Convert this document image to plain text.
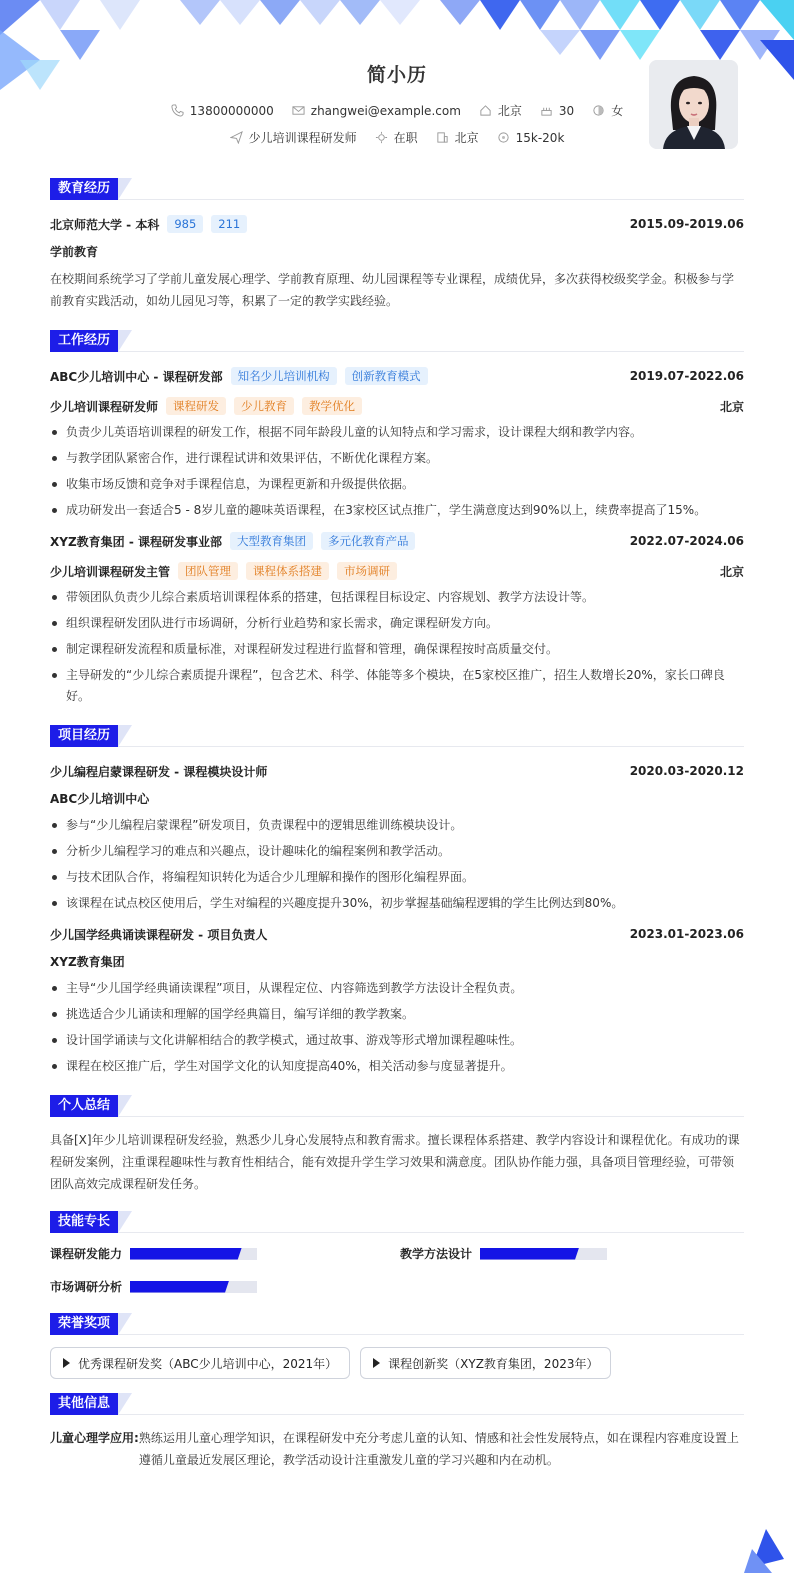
简小历
13800000000	zhangwei@example.com	北京	30	女
少儿培训课程研发师	在职	北京	15k-20k
教育经历
北京师范大学 - 本科	985	211	2015.09-2019.06
学前教育
在校期间系统学习了学前儿童发展心理学、学前教育原理、幼儿园课程等专业课程，成绩优异，多次获得校级奖学金。积极参与学前教育实践活动，如幼儿园见习等，积累了一定的教学实践经验。
工作经历
ABC少儿培训中心 - 课程研发部	知名少儿培训机构	创新教育模式	2019.07-2022.06
少儿培训课程研发师	课程研发	少儿教育	教学优化	北京
负责少儿英语培训课程的研发工作，根据不同年龄段儿童的认知特点和学习需求，设计课程大纲和教学内容。
与教学团队紧密合作，进行课程试讲和效果评估，不断优化课程方案。
收集市场反馈和竞争对手课程信息，为课程更新和升级提供依据。
成功研发出一套适合5 - 8岁儿童的趣味英语课程，在3家校区试点推广，学生满意度达到90%以上，续费率提高了15%。
XYZ教育集团 - 课程研发事业部	大型教育集团	多元化教育产品	2022.07-2024.06
少儿培训课程研发主管	团队管理	课程体系搭建	市场调研	北京
带领团队负责少儿综合素质培训课程体系的搭建，包括课程目标设定、内容规划、教学方法设计等。
组织课程研发团队进行市场调研，分析行业趋势和家长需求，确定课程研发方向。
制定课程研发流程和质量标准，对课程研发过程进行监督和管理，确保课程按时高质量交付。
主导研发的“少儿综合素质提升课程”，包含艺术、科学、体能等多个模块，在5家校区推广，招生人数增长20%，家长口碑良好。
项目经历
少儿编程启蒙课程研发 - 课程模块设计师	2020.03-2020.12
ABC少儿培训中心
参与“少儿编程启蒙课程”研发项目，负责课程中的逻辑思维训练模块设计。
分析少儿编程学习的难点和兴趣点，设计趣味化的编程案例和教学活动。
与技术团队合作，将编程知识转化为适合少儿理解和操作的图形化编程界面。
该课程在试点校区使用后，学生对编程的兴趣度提升30%，初步掌握基础编程逻辑的学生比例达到80%。
少儿国学经典诵读课程研发 - 项目负责人	2023.01-2023.06
XYZ教育集团
主导“少儿国学经典诵读课程”项目，从课程定位、内容筛选到教学方法设计全程负责。
挑选适合少儿诵读和理解的国学经典篇目，编写详细的教学教案。
设计国学诵读与文化讲解相结合的教学模式，通过故事、游戏等形式增加课程趣味性。
课程在校区推广后，学生对国学文化的认知度提高40%，相关活动参与度显著提升。
个人总结
具备[X]年少儿培训课程研发经验，熟悉少儿身心发展特点和教育需求。擅长课程体系搭建、教学内容设计和课程优化。有成功的课程研发案例，注重课程趣味性与教育性相结合，能有效提升学生学习效果和满意度。团队协作能力强，具备项目管理经验，可带领团队高效完成课程研发任务。
技能专长
课程研发能力	教学方法设计
市场调研分析
荣誉奖项
优秀课程研发奖（ABC少儿培训中心，2021年）	课程创新奖（XYZ教育集团，2023年）
其他信息
儿童心理学应用: 熟练运用儿童心理学知识，在课程研发中充分考虑儿童的认知、情感和社会性发展特点，如在课程内容难度设置上遵循儿童最近发展区理论，教学活动设计注重激发儿童的学习兴趣和内在动机。
